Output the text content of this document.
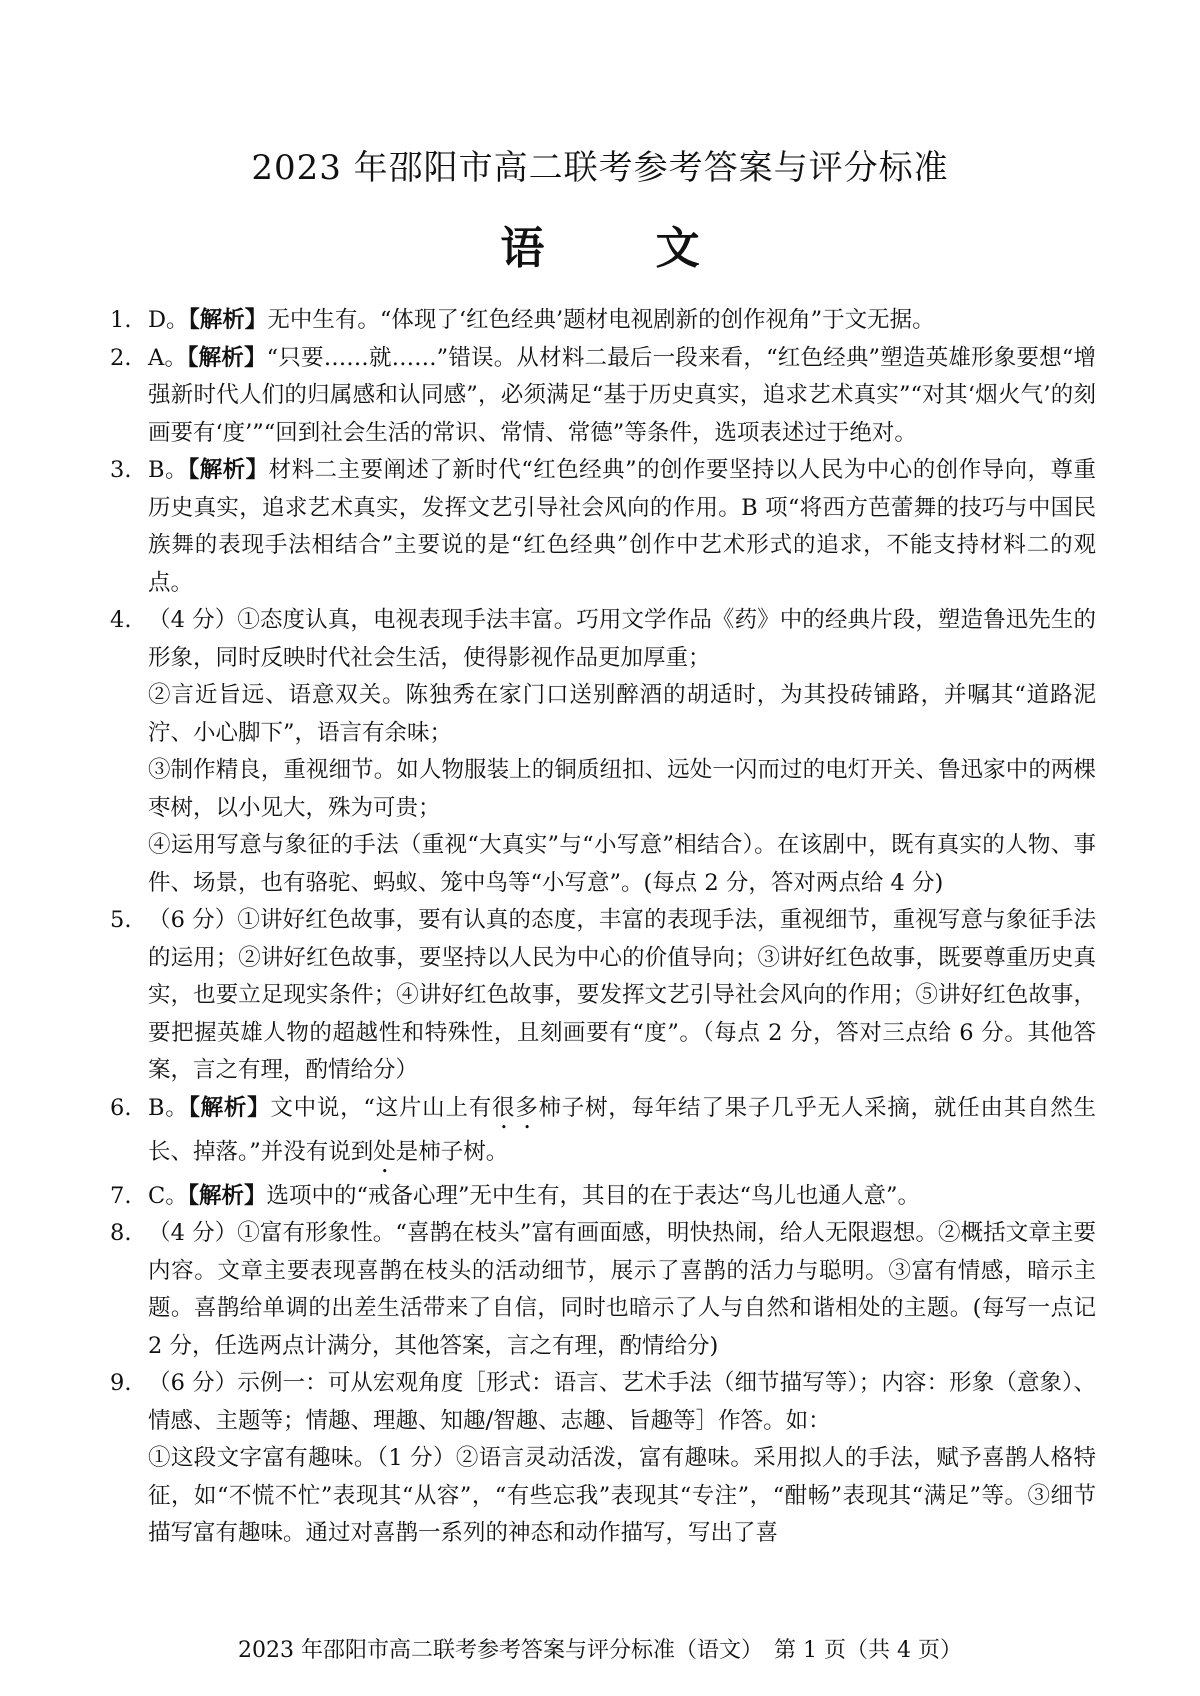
2023 年邵阳市高二联考参考答案与评分标准
语 文
1. D。【解析】无中生有。“体现了‘红色经典’题材电视剧新的创作视角”于文无据。
2. A。【解析】“只要……就……”错误。从材料二最后一段来看，“红色经典”塑造英雄形象要想“增强新时代人们的归属感和认同感”，必须满足“基于历史真实，追求艺术真实”“对其‘烟火气’的刻画要有‘度’”“回到社会生活的常识、常情、常德”等条件，选项表述过于绝对。
3. B。【解析】材料二主要阐述了新时代“红色经典”的创作要坚持以人民为中心的创作导向，尊重历史真实，追求艺术真实，发挥文艺引导社会风向的作用。B 项“将西方芭蕾舞的技巧与中国民族舞的表现手法相结合”主要说的是“红色经典”创作中艺术形式的追求，不能支持材料二的观点。
4. （4 分）①态度认真，电视表现手法丰富。巧用文学作品《药》中的经典片段，塑造鲁迅先生的形象，同时反映时代社会生活，使得影视作品更加厚重；
②言近旨远、语意双关。陈独秀在家门口送别醉酒的胡适时，为其投砖铺路，并嘱其“道路泥泞、小心脚下”，语言有余味；
③制作精良，重视细节。如人物服装上的铜质纽扣、远处一闪而过的电灯开关、鲁迅家中的两棵枣树，以小见大，殊为可贵；
④运用写意与象征的手法（重视“大真实”与“小写意”相结合）。在该剧中，既有真实的人物、事件、场景，也有骆驼、蚂蚁、笼中鸟等“小写意”。(每点 2 分，答对两点给 4 分)
5. （6 分）①讲好红色故事，要有认真的态度，丰富的表现手法，重视细节，重视写意与象征手法的运用；②讲好红色故事，要坚持以人民为中心的价值导向；③讲好红色故事，既要尊重历史真实，也要立足现实条件；④讲好红色故事，要发挥文艺引导社会风向的作用；⑤讲好红色故事，要把握英雄人物的超越性和特殊性，且刻画要有“度”。（每点 2 分，答对三点给 6 分。其他答案，言之有理，酌情给分）
6. B。【解析】文中说，“这片山上有很多柿子树，每年结了果子几乎无人采摘，就任由其自然生长、掉落。”并没有说到处是柿子树。
7. C。【解析】选项中的“戒备心理”无中生有，其目的在于表达“鸟儿也通人意”。
8. （4 分）①富有形象性。“喜鹊在枝头”富有画面感，明快热闹，给人无限遐想。②概括文章主要内容。文章主要表现喜鹊在枝头的活动细节，展示了喜鹊的活力与聪明。③富有情感，暗示主题。喜鹊给单调的出差生活带来了自信，同时也暗示了人与自然和谐相处的主题。(每写一点记 2 分，任选两点计满分，其他答案，言之有理，酌情给分)
9. （6 分）示例一：可从宏观角度［形式：语言、艺术手法（细节描写等）；内容：形象（意象）、情感、主题等；情趣、理趣、知趣/智趣、志趣、旨趣等］作答。如：
①这段文字富有趣味。（1 分）②语言灵动活泼，富有趣味。采用拟人的手法，赋予喜鹊人格特征，如“不慌不忙”表现其“从容”，“有些忘我”表现其“专注”，“酣畅”表现其“满足”等。③细节描写富有趣味。通过对喜鹊一系列的神态和动作描写，写出了喜
2023 年邵阳市高二联考参考答案与评分标准（语文）　第 1 页（共 4 页）
